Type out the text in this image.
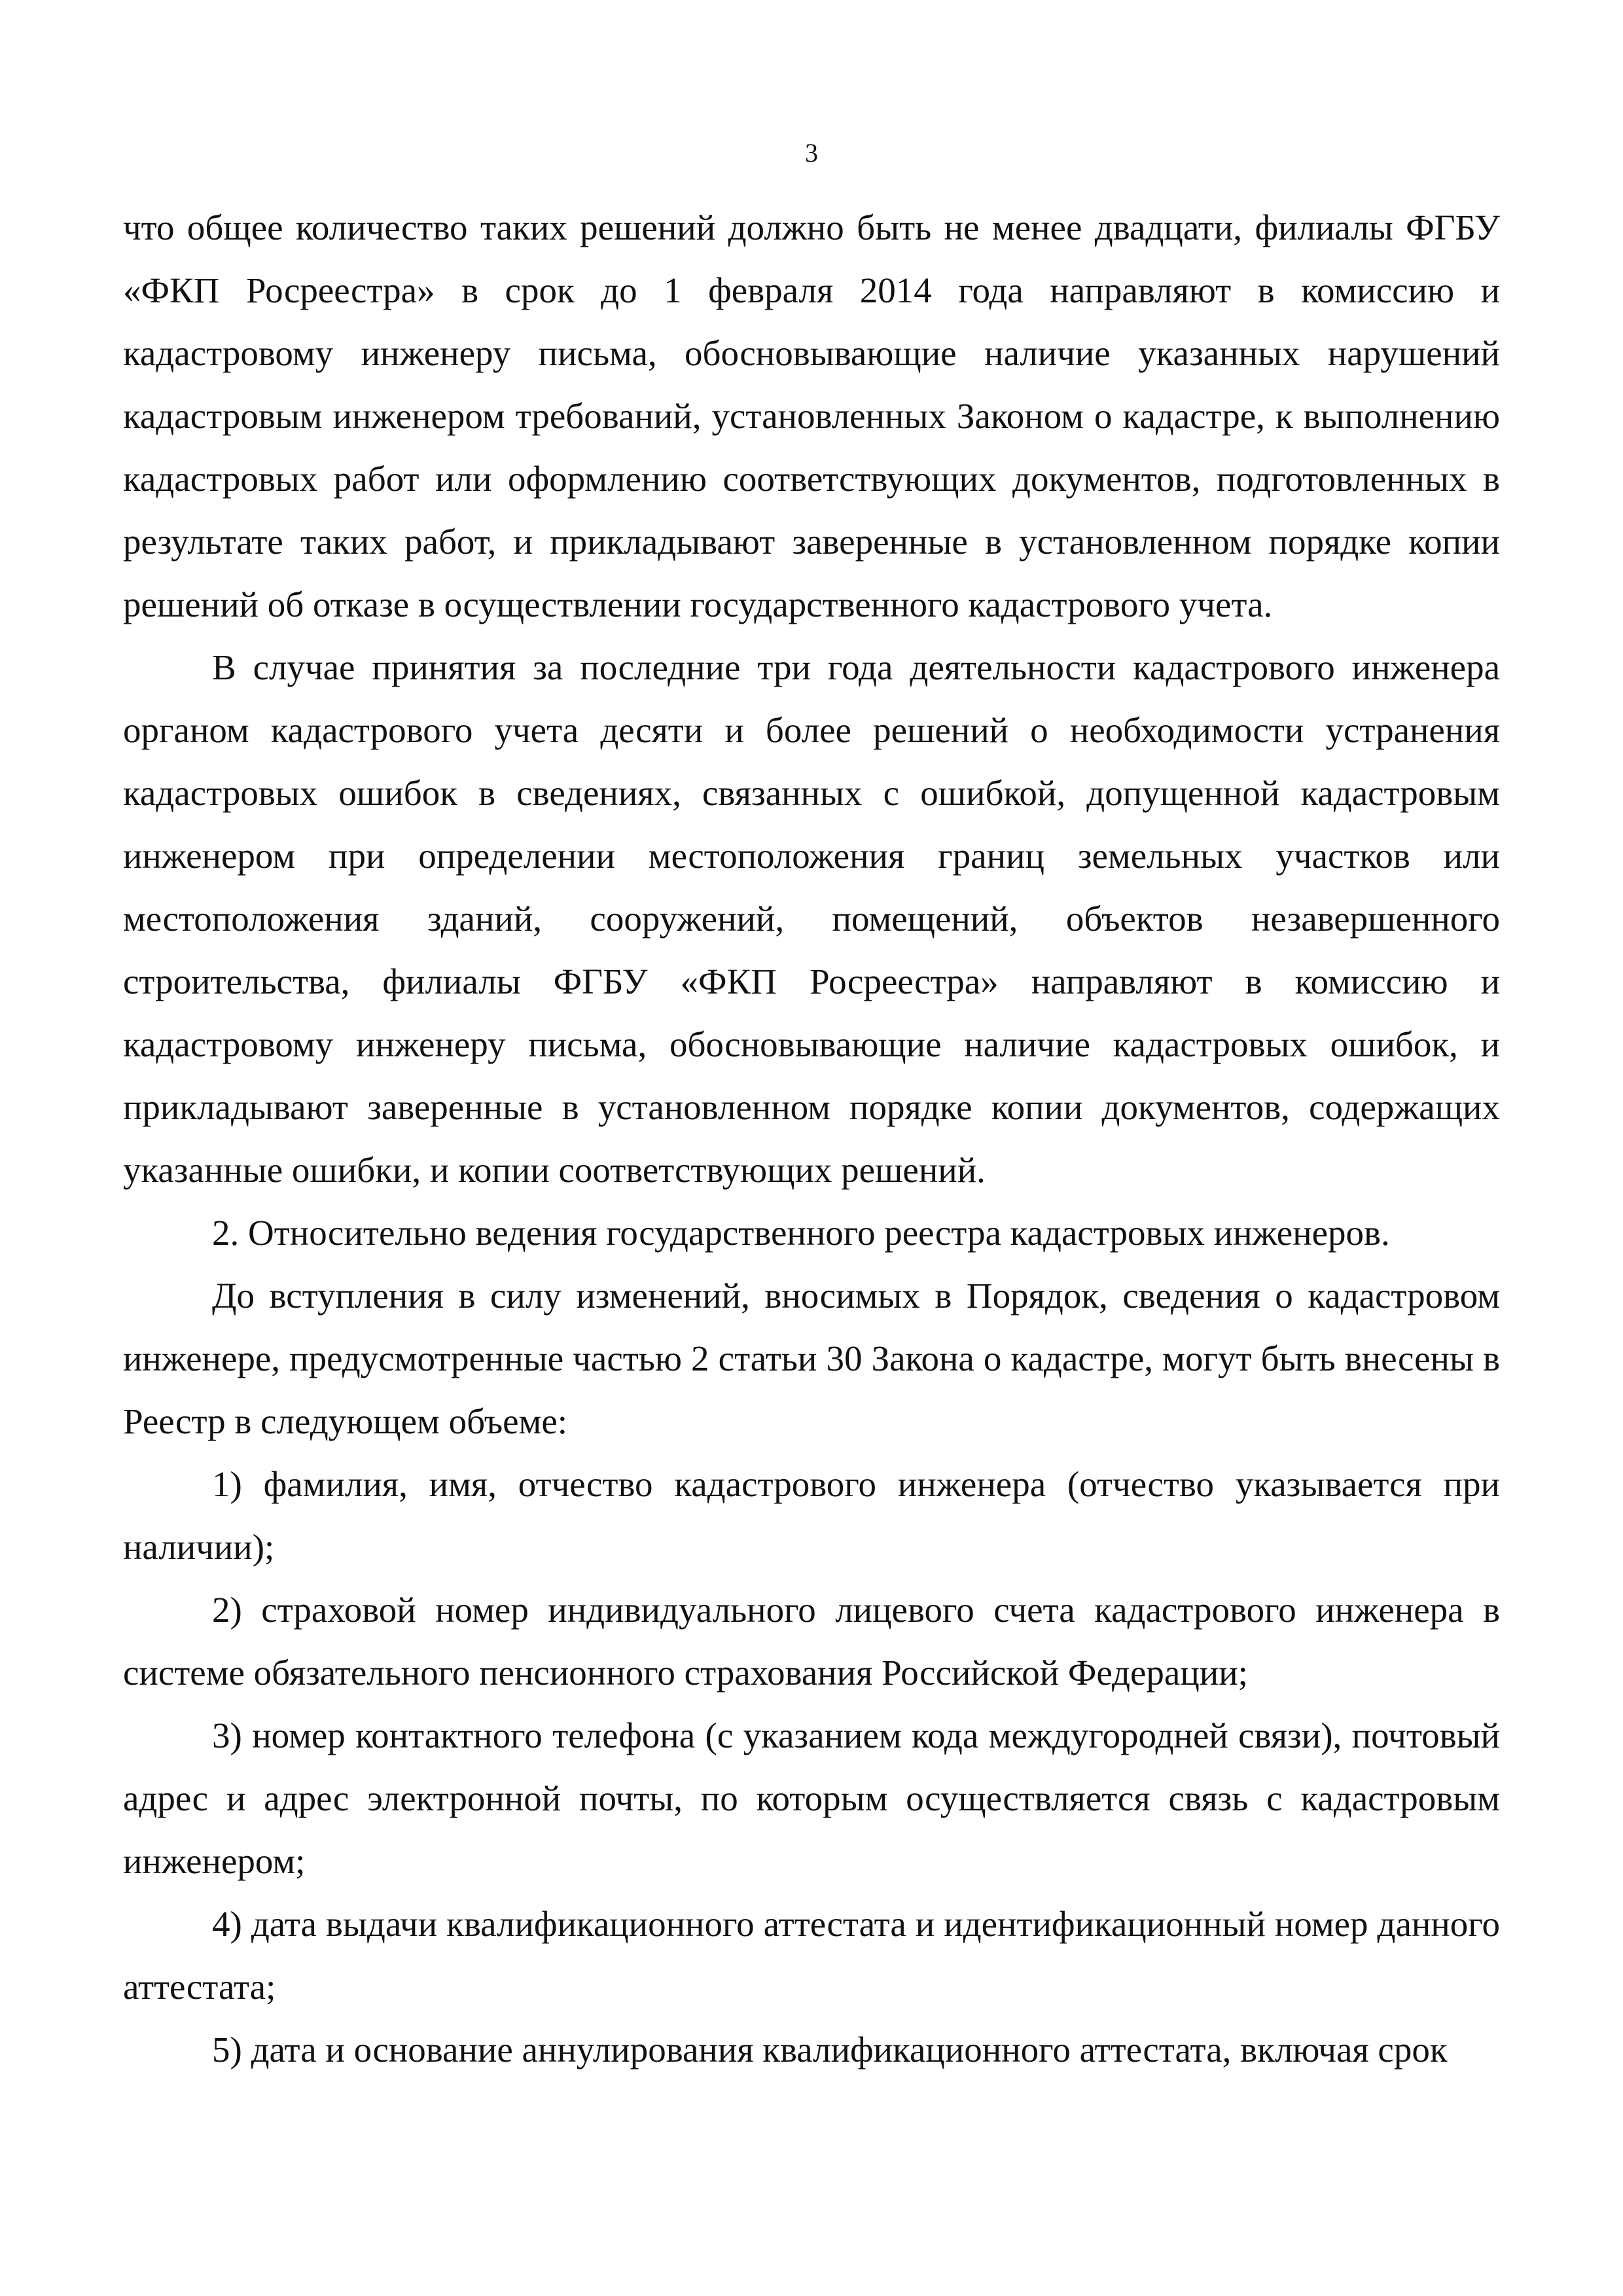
3

что общее количество таких решений должно быть не менее двадцати, филиалы ФГБУ «ФКП Росреестра» в срок до 1 февраля 2014 года направляют в комиссию и кадастровому инженеру письма, обосновывающие наличие указанных нарушений кадастровым инженером требований, установленных Законом о кадастре, к выполнению кадастровых работ или оформлению соответствующих документов, подготовленных в результате таких работ, и прикладывают заверенные в установленном порядке копии решений об отказе в осуществлении государственного кадастрового учета.

В случае принятия за последние три года деятельности кадастрового инженера органом кадастрового учета десяти и более решений о необходимости устранения кадастровых ошибок в сведениях, связанных с ошибкой, допущенной кадастровым инженером при определении местоположения границ земельных участков или местоположения зданий, сооружений, помещений, объектов незавершенного строительства, филиалы ФГБУ «ФКП Росреестра» направляют в комиссию и кадастровому инженеру письма, обосновывающие наличие кадастровых ошибок, и прикладывают заверенные в установленном порядке копии документов, содержащих указанные ошибки, и копии соответствующих решений.

2. Относительно ведения государственного реестра кадастровых инженеров.

До вступления в силу изменений, вносимых в Порядок, сведения о кадастровом инженере, предусмотренные частью 2 статьи 30 Закона о кадастре, могут быть внесены в Реестр в следующем объеме:

1) фамилия, имя, отчество кадастрового инженера (отчество указывается при наличии);

2) страховой номер индивидуального лицевого счета кадастрового инженера в системе обязательного пенсионного страхования Российской Федерации;

3) номер контактного телефона (с указанием кода междугородней связи), почтовый адрес и адрес электронной почты, по которым осуществляется связь с кадастровым инженером;

4) дата выдачи квалификационного аттестата и идентификационный номер данного аттестата;

5) дата и основание аннулирования квалификационного аттестата, включая срок
